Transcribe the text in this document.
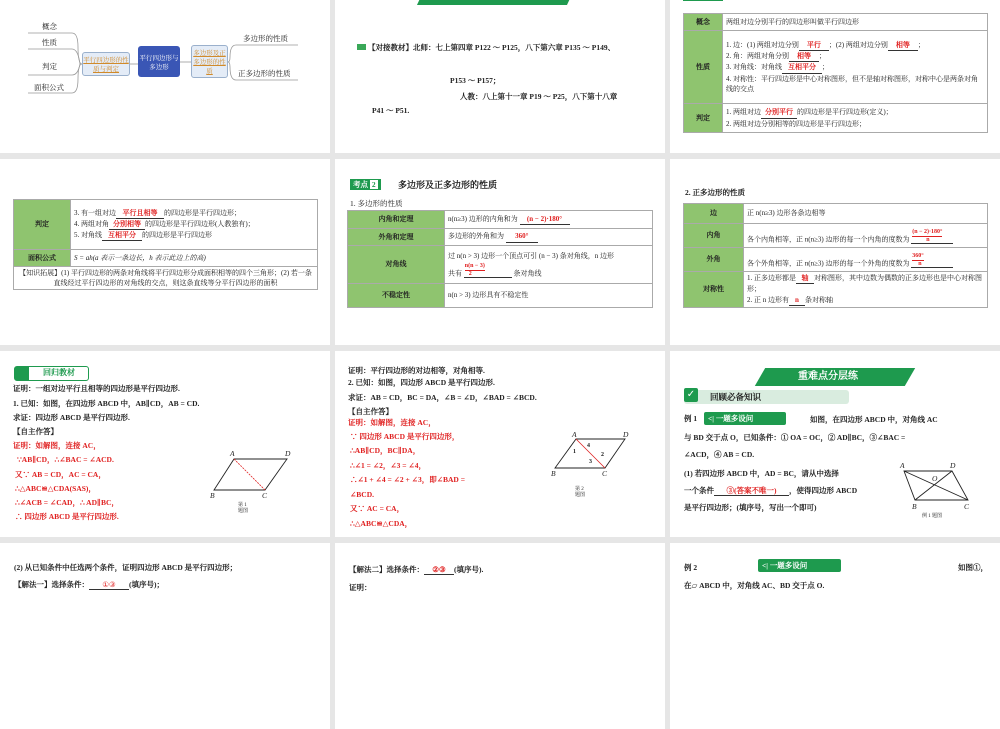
概念
性质
判定
面积公式
平行四边形的性质与判定
平行四边形与多边形
多边形及正多边形的性质
多边形的性质
正多边形的性质
【对接教材】北师：七上第四章 P122 ～ P125，八下第六章 P135 ～ P149、
P153 ～ P157；
人教：八上第十一章 P19 ～ P25，八下第十八章
P41 ～ P51.
概念	两组对边分别平行的四边形叫做平行四边形
性质	1. 边：(1) 两组对边分别 平行 ；(2) 两组对边分别 相等 ；
2. 角：两组对角分别 相等 ；
3. 对角线：对角线 互相平分 ；
4. 对称性：平行四边形是中心对称图形，但不是轴对称图形，对称中心是两条对角线的交点

判定	1. 两组对边 分别平行 的四边形是平行四边形(定义)；
2. 两组对边分别相等的四边形是平行四边形；
判定	3. 有一组对边 平行且相等 的四边形是平行四边形；
4. 两组对角 分别相等 的四边形是平行四边形(人教独有)；
5. 对角线 互相平分 的四边形是平行四边形

面积公式	S = ah(a 表示一条边长，h 表示此边上的高)
【知识拓展】(1) 平行四边形的两条对角线将平行四边形分成面积相等的四个三角形；(2) 若一条直线经过平行四边形的对角线的交点，则这条直线等分平行四边形的面积	
考点 2	多边形及正多边形的性质
1. 多边形的性质
内角和定理	n(n≥3) 边形的内角和为 (n − 2)·180°
外角和定理	多边形的外角和为 360°
对角线	过 n(n > 3) 边形一个顶点可引 (n − 3) 条对角线，n 边形
共有 $\frac{n(n - 3)}{2}$ 条对角线

不稳定性	n(n > 3) 边形具有不稳定性
2. 正多边形的性质
边	正 n(n≥3) 边形各条边相等
内角	各个内角相等，正 n(n≥3) 边形的每一个内角的度数为 $\frac{(n - 2)\cdot 180^\circ}{n}$

外角	各个外角相等，正 n(n≥3) 边形的每一个外角的度数为 $\frac{360^\circ}{n}$

对称性	1. 正多边形都是 轴 对称图形，其中边数为偶数的正多边形也是中心对称图形；
2. 正 n 边形有 n 条对称轴
回归教材
证明：一组对边平行且相等的四边形是平行四边形.
1. 已知：如图，在四边形 ABCD 中，AB∥CD，AB = CD.
求证：四边形 ABCD 是平行四边形.
【自主作答】
证明：如解图，连接 AC，
∵AB∥CD，∴∠BAC = ∠ACD.
又∵ AB = CD，AC = CA，
∴△ABC≌△CDA(SAS)，
∴∠ACB = ∠CAD，∴ AD∥BC，
∴ 四边形 ABCD 是平行四边形.
A	D
B	C
第 1 题图
证明：平行四边形的对边相等，对角相等.
2. 已知：如图，四边形 ABCD 是平行四边形.
求证：AB = CD，BC = DA，∠B = ∠D，∠BAD = ∠BCD.
【自主作答】
证明：如解图，连接 AC，
∵ 四边形 ABCD 是平行四边形，
∴AB∥CD，BC∥DA，
∴∠1 = ∠2，∠3 = ∠4，
∴∠1 + ∠4 = ∠2 + ∠3，即∠BAD =
∠BCD.
又∵ AC = CA，
∴△ABC≌△CDA，
A	D
B	C
1	2
3
4
第 2 题图
重难点分层练
✓	回顾必备知识
例 1	<| 一题多设问	如图，在四边形 ABCD 中，对角线 AC
与 BD 交于点 O，已知条件：① OA = OC，② AD∥BC，③∠BAC =
∠ACD，④ AB = CD.
(1) 若四边形 ABCD 中，AD = BC，请从中选择
一个条件 ③(答案不唯一) ，使得四边形 ABCD
是平行四边形；(填序号，写出一个即可)
A	D
O
B	C
例 1 题图
(2) 从已知条件中任选两个条件，证明四边形 ABCD 是平行四边形；
【解法一】选择条件： ①③ (填序号)；
【解法二】选择条件： ②③ (填序号).
证明：
例 2	<| 一题多设问	如图①，
在▱ ABCD 中，对角线 AC、BD 交于点 O.
